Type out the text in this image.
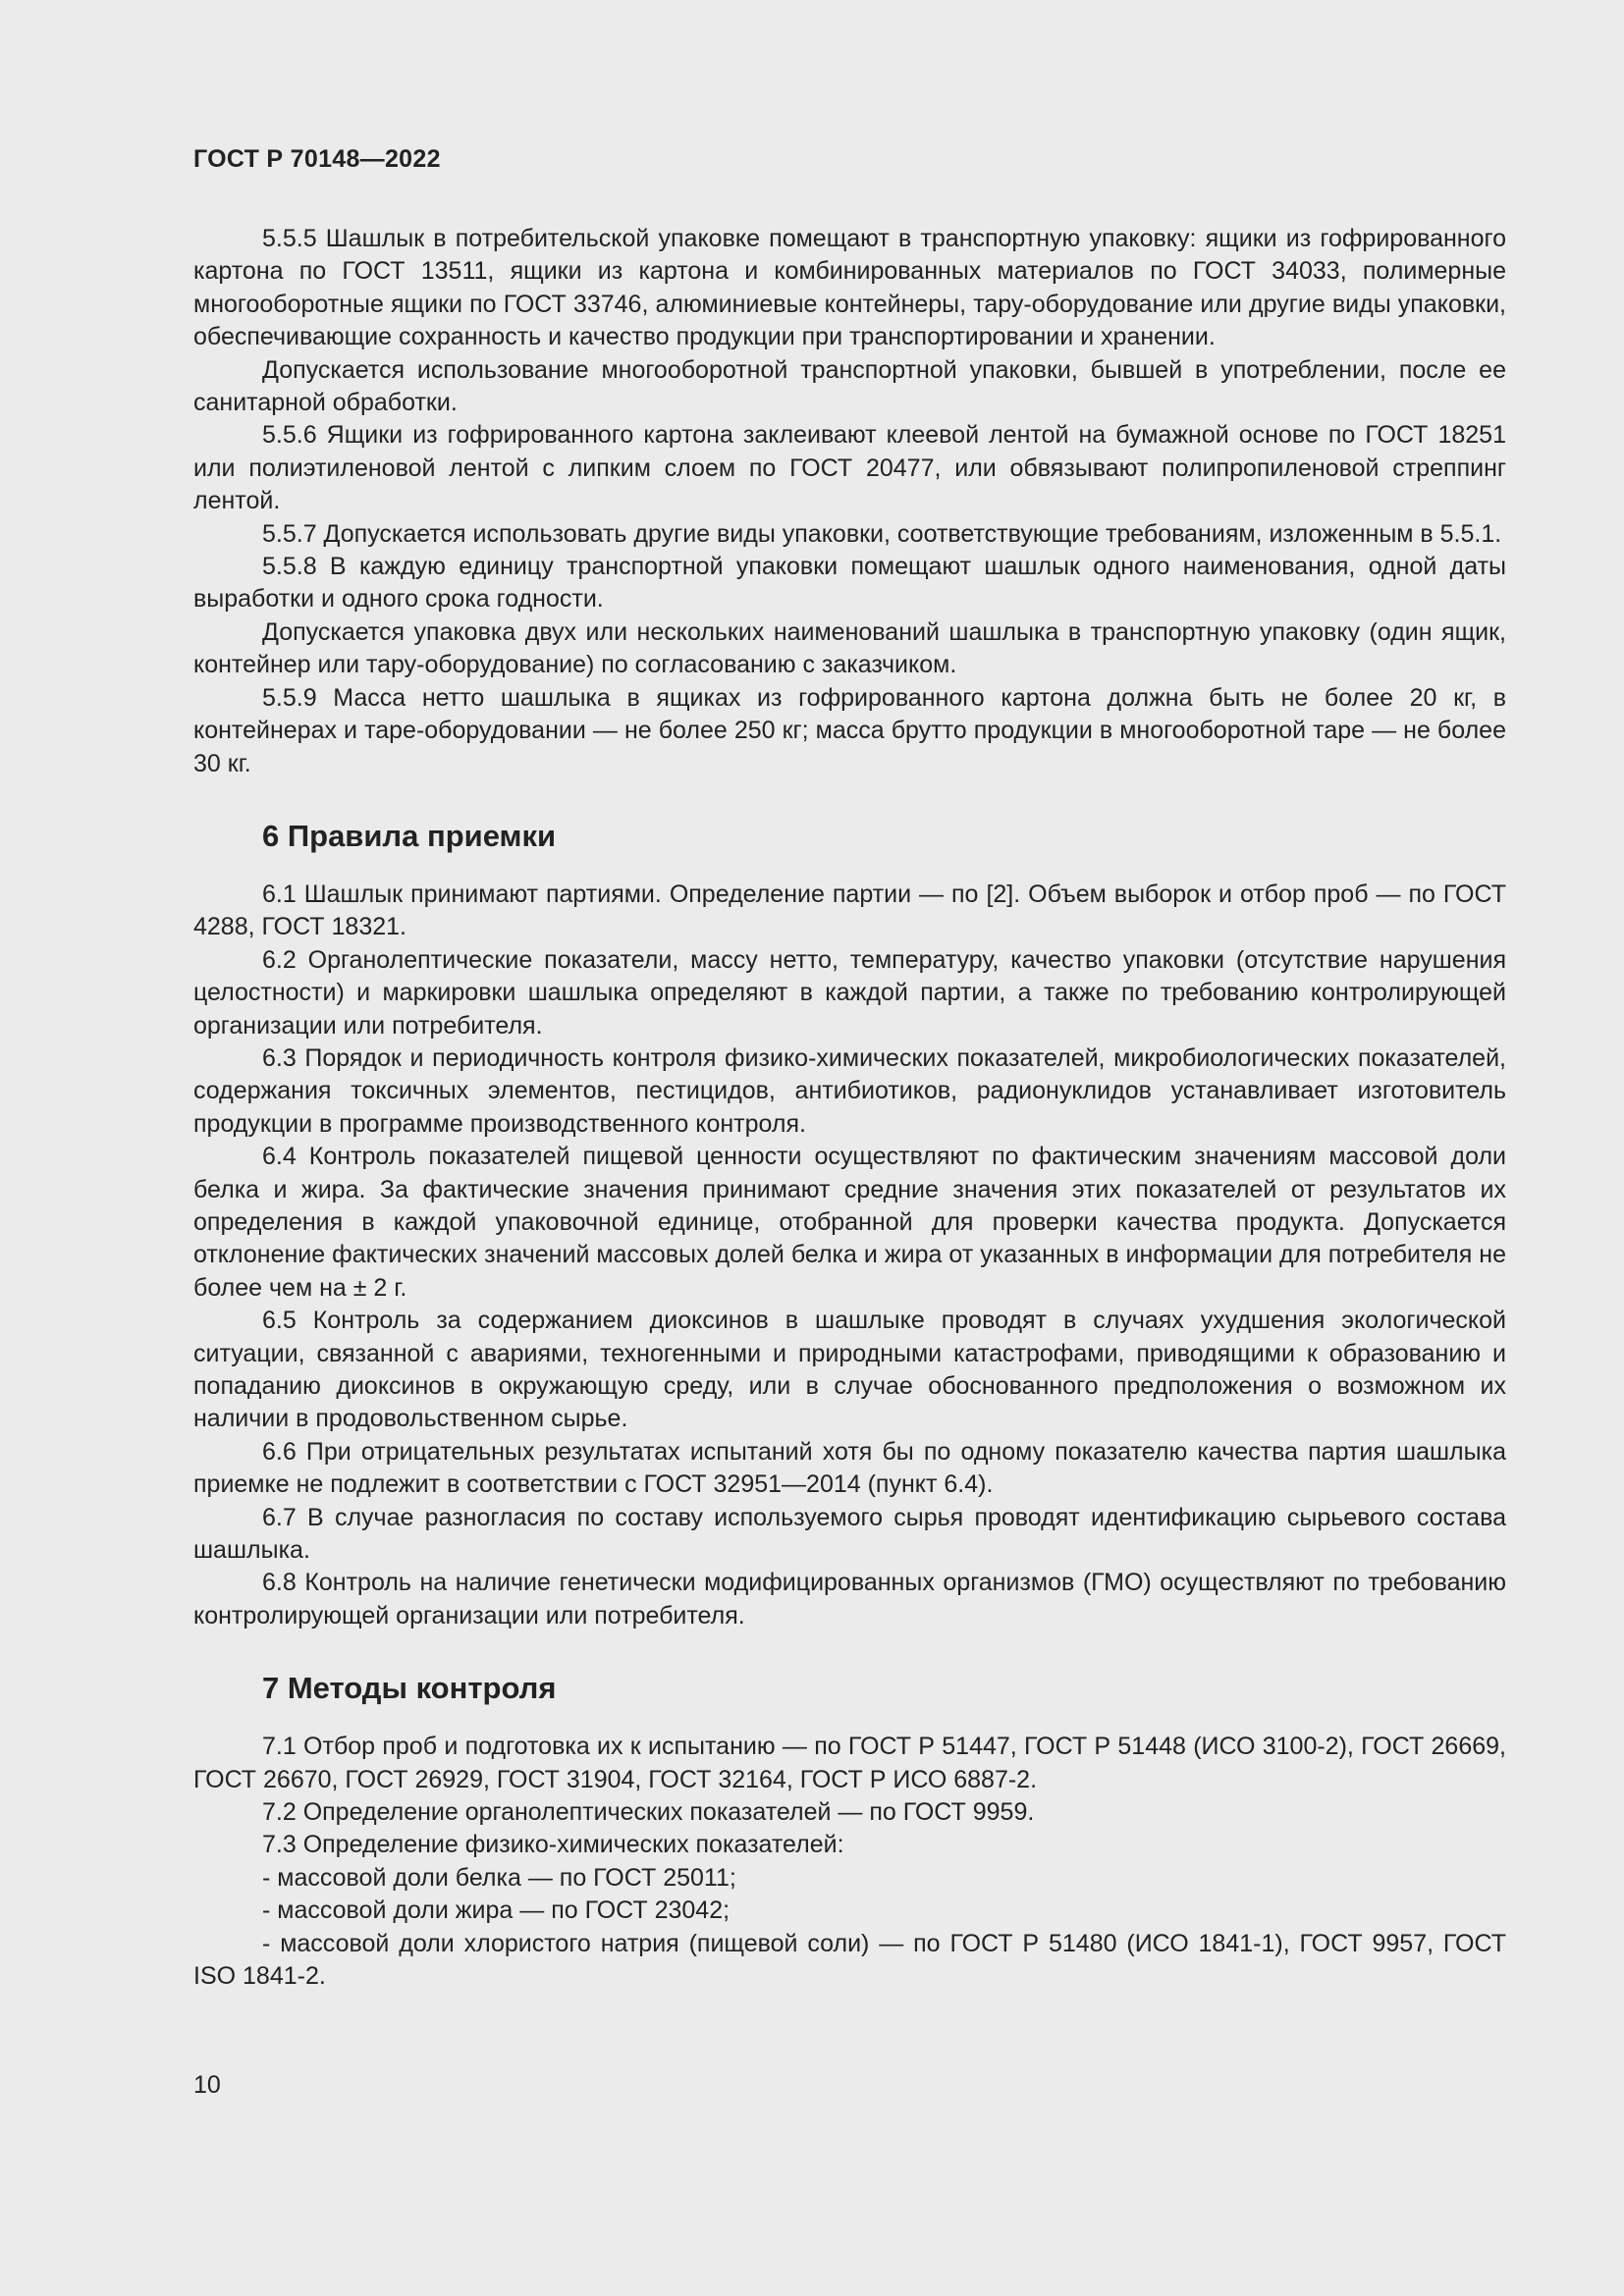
ГОСТ Р 70148—2022

5.5.5 Шашлык в потребительской упаковке помещают в транспортную упаковку: ящики из гофрированного картона по ГОСТ 13511, ящики из картона и комбинированных материалов по ГОСТ 34033, полимерные многооборотные ящики по ГОСТ 33746, алюминиевые контейнеры, тару-оборудование или другие виды упаковки, обеспечивающие сохранность и качество продукции при транспортировании и хранении.

Допускается использование многооборотной транспортной упаковки, бывшей в употреблении, после ее санитарной обработки.

5.5.6 Ящики из гофрированного картона заклеивают клеевой лентой на бумажной основе по ГОСТ 18251 или полиэтиленовой лентой с липким слоем по ГОСТ 20477, или обвязывают полипропиленовой стреппинг лентой.

5.5.7 Допускается использовать другие виды упаковки, соответствующие требованиям, изложенным в 5.5.1.

5.5.8 В каждую единицу транспортной упаковки помещают шашлык одного наименования, одной даты выработки и одного срока годности.

Допускается упаковка двух или нескольких наименований шашлыка в транспортную упаковку (один ящик, контейнер или тару-оборудование) по согласованию с заказчиком.

5.5.9 Масса нетто шашлыка в ящиках из гофрированного картона должна быть не более 20 кг, в контейнерах и таре-оборудовании — не более 250 кг; масса брутто продукции в многооборотной таре — не более 30 кг.

6 Правила приемки

6.1 Шашлык принимают партиями. Определение партии — по [2]. Объем выборок и отбор проб — по ГОСТ 4288, ГОСТ 18321.

6.2 Органолептические показатели, массу нетто, температуру, качество упаковки (отсутствие нарушения целостности) и маркировки шашлыка определяют в каждой партии, а также по требованию контролирующей организации или потребителя.

6.3 Порядок и периодичность контроля физико-химических показателей, микробиологических показателей, содержания токсичных элементов, пестицидов, антибиотиков, радионуклидов устанавливает изготовитель продукции в программе производственного контроля.

6.4 Контроль показателей пищевой ценности осуществляют по фактическим значениям массовой доли белка и жира. За фактические значения принимают средние значения этих показателей от результатов их определения в каждой упаковочной единице, отобранной для проверки качества продукта. Допускается отклонение фактических значений массовых долей белка и жира от указанных в информации для потребителя не более чем на ± 2 г.

6.5 Контроль за содержанием диоксинов в шашлыке проводят в случаях ухудшения экологической ситуации, связанной с авариями, техногенными и природными катастрофами, приводящими к образованию и попаданию диоксинов в окружающую среду, или в случае обоснованного предположения о возможном их наличии в продовольственном сырье.

6.6 При отрицательных результатах испытаний хотя бы по одному показателю качества партия шашлыка приемке не подлежит в соответствии с ГОСТ 32951—2014 (пункт 6.4).

6.7 В случае разногласия по составу используемого сырья проводят идентификацию сырьевого состава шашлыка.

6.8 Контроль на наличие генетически модифицированных организмов (ГМО) осуществляют по требованию контролирующей организации или потребителя.

7 Методы контроля

7.1 Отбор проб и подготовка их к испытанию — по ГОСТ Р 51447, ГОСТ Р 51448 (ИСО 3100-2), ГОСТ 26669, ГОСТ 26670, ГОСТ 26929, ГОСТ 31904, ГОСТ 32164, ГОСТ Р ИСО 6887-2.

7.2 Определение органолептических показателей — по ГОСТ 9959.

7.3 Определение физико-химических показателей:

- массовой доли белка — по ГОСТ 25011;

- массовой доли жира — по ГОСТ 23042;

- массовой доли хлористого натрия (пищевой соли) — по ГОСТ Р 51480 (ИСО 1841-1), ГОСТ 9957, ГОСТ ISO 1841-2.

10
